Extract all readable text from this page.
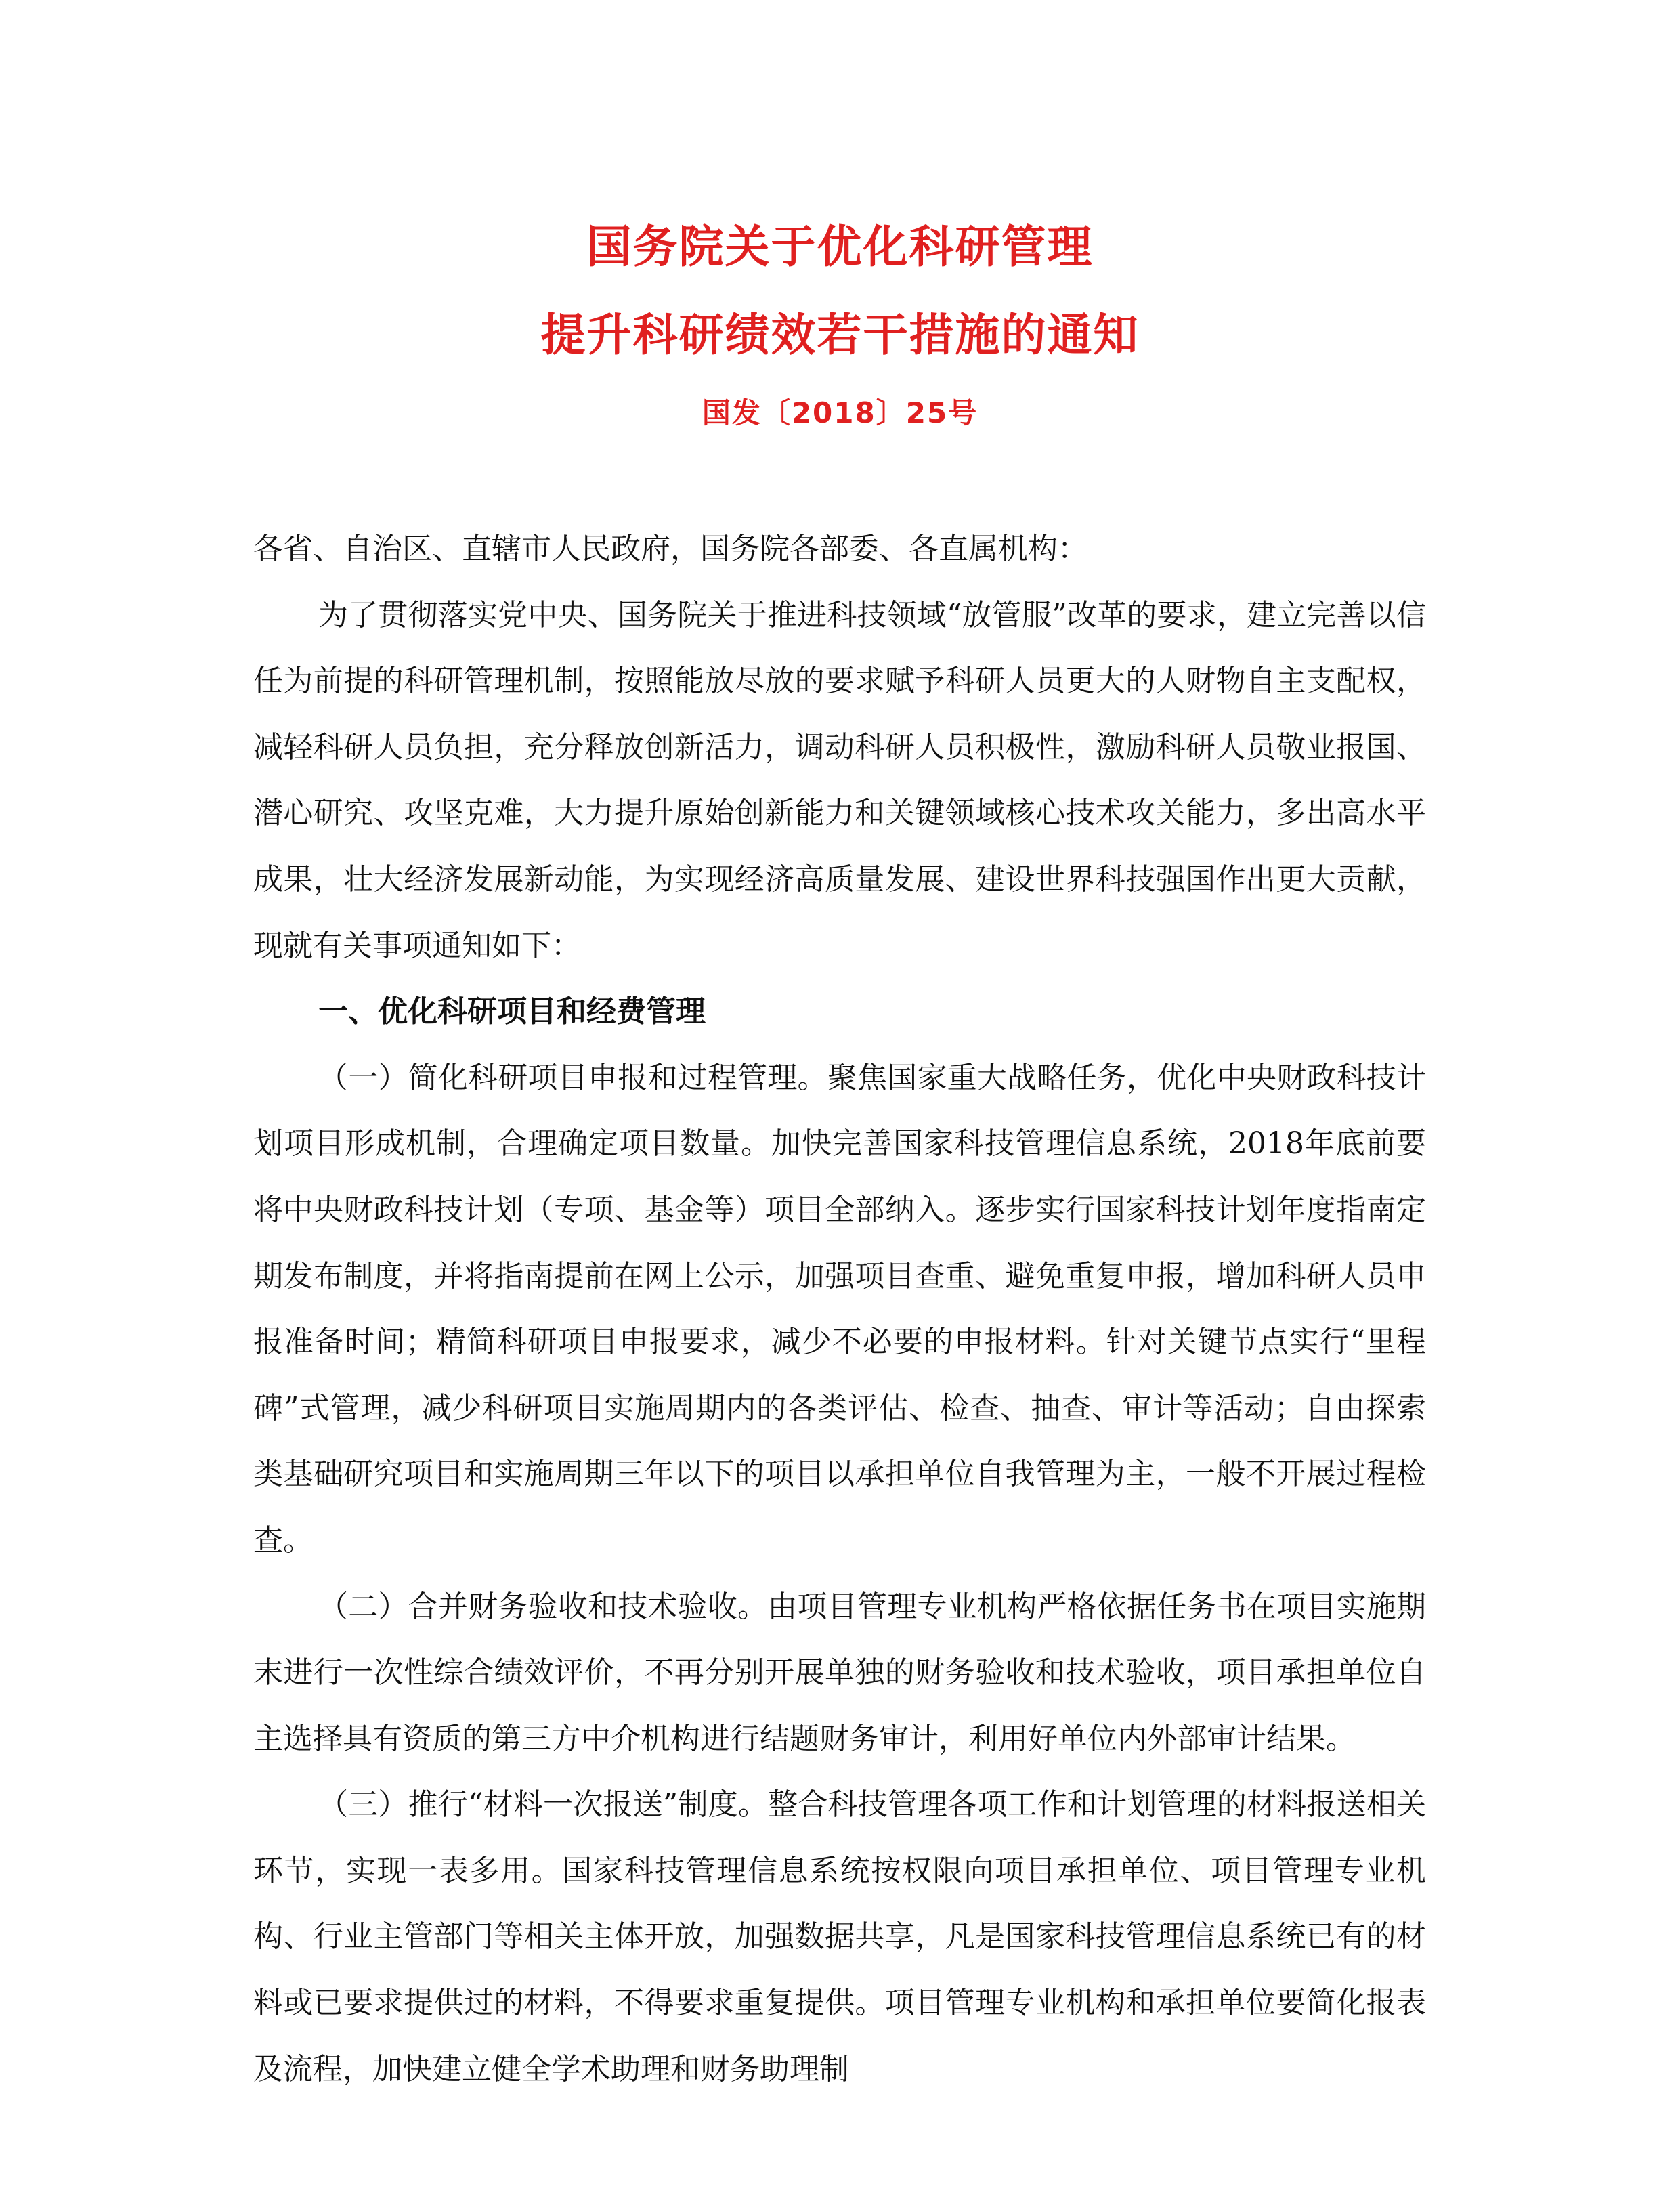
国务院关于优化科研管理
提升科研绩效若干措施的通知
国发〔2018〕25号

各省、自治区、直辖市人民政府，国务院各部委、各直属机构：

为了贯彻落实党中央、国务院关于推进科技领域“放管服”改革的要求，建立完善以信任为前提的科研管理机制，按照能放尽放的要求赋予科研人员更大的人财物自主支配权，减轻科研人员负担，充分释放创新活力，调动科研人员积极性，激励科研人员敬业报国、潜心研究、攻坚克难，大力提升原始创新能力和关键领域核心技术攻关能力，多出高水平成果，壮大经济发展新动能，为实现经济高质量发展、建设世界科技强国作出更大贡献，现就有关事项通知如下：

一、优化科研项目和经费管理

（一）简化科研项目申报和过程管理。聚焦国家重大战略任务，优化中央财政科技计划项目形成机制，合理确定项目数量。加快完善国家科技管理信息系统，2018年底前要将中央财政科技计划（专项、基金等）项目全部纳入。逐步实行国家科技计划年度指南定期发布制度，并将指南提前在网上公示，加强项目查重、避免重复申报，增加科研人员申报准备时间；精简科研项目申报要求，减少不必要的申报材料。针对关键节点实行“里程碑”式管理，减少科研项目实施周期内的各类评估、检查、抽查、审计等活动；自由探索类基础研究项目和实施周期三年以下的项目以承担单位自我管理为主，一般不开展过程检查。

（二）合并财务验收和技术验收。由项目管理专业机构严格依据任务书在项目实施期末进行一次性综合绩效评价，不再分别开展单独的财务验收和技术验收，项目承担单位自主选择具有资质的第三方中介机构进行结题财务审计，利用好单位内外部审计结果。

（三）推行“材料一次报送”制度。整合科技管理各项工作和计划管理的材料报送相关环节，实现一表多用。国家科技管理信息系统按权限向项目承担单位、项目管理专业机构、行业主管部门等相关主体开放，加强数据共享，凡是国家科技管理信息系统已有的材料或已要求提供过的材料，不得要求重复提供。项目管理专业机构和承担单位要简化报表及流程，加快建立健全学术助理和财务助理制
